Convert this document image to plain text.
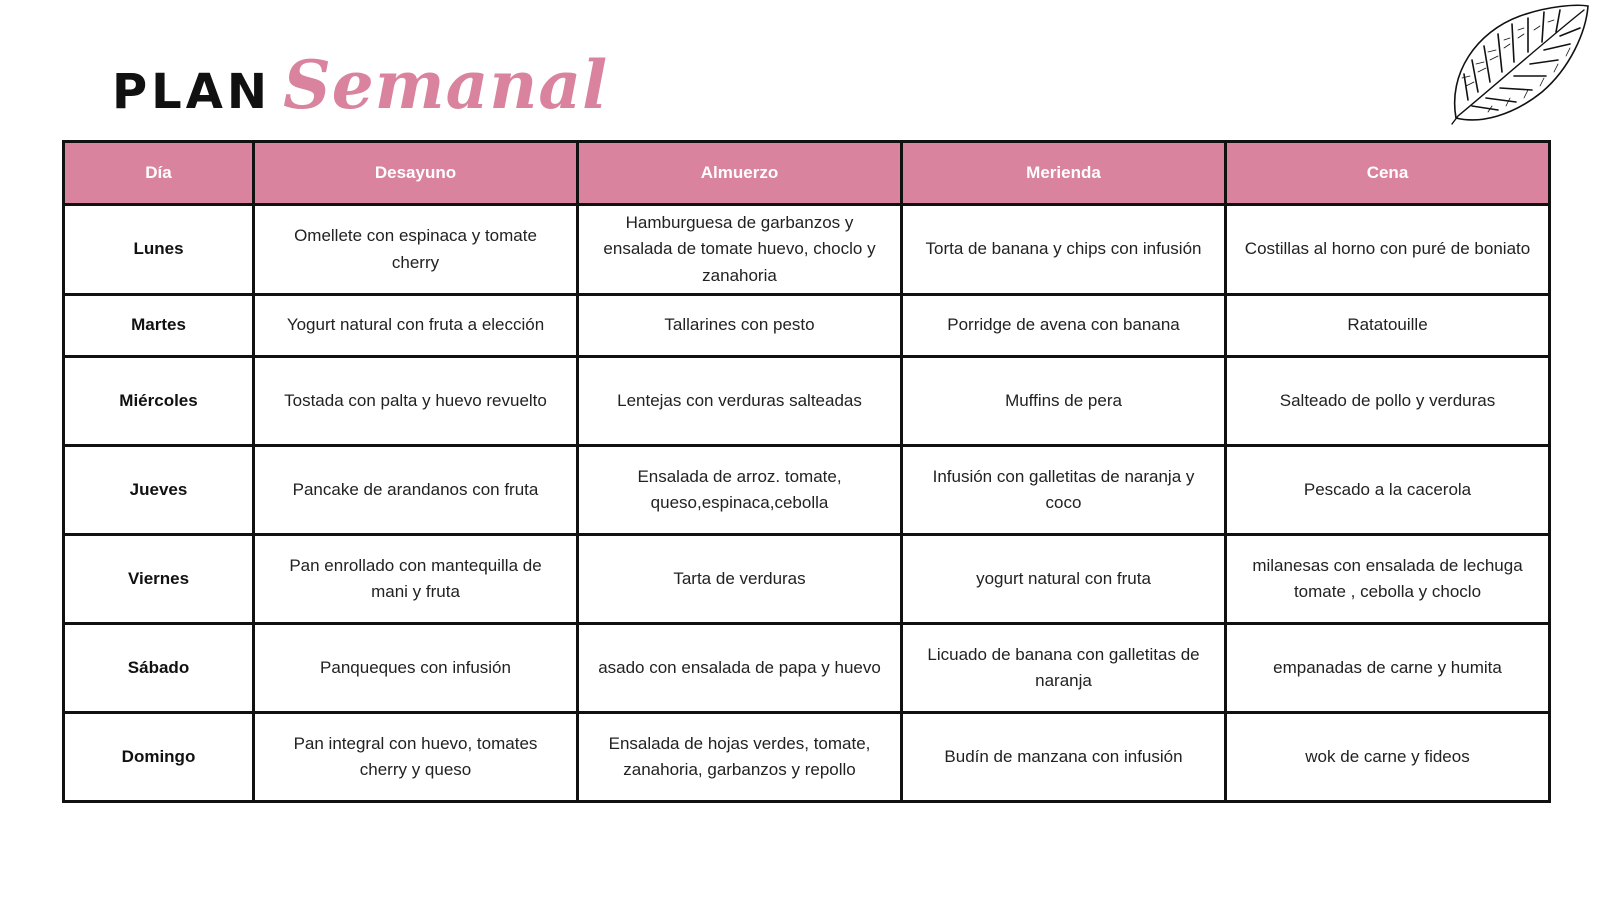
PLAN Semanal
Día	Desayuno	Almuerzo	Merienda	Cena
Lunes	Omellete con espinaca y tomate cherry	Hamburguesa de garbanzos y ensalada de tomate huevo, choclo y zanahoria	Torta de banana y chips con infusión	Costillas al horno con puré de boniato
Martes	Yogurt natural con fruta a elección	Tallarines con pesto	Porridge de avena con banana	Ratatouille
Miércoles	Tostada con palta y huevo revuelto	Lentejas con verduras salteadas	Muffins de pera	Salteado de pollo y verduras
Jueves	Pancake de arandanos con fruta	Ensalada de arroz. tomate, queso,espinaca,cebolla	Infusión con galletitas de naranja y coco	Pescado a la cacerola
Viernes	Pan enrollado con mantequilla de mani y fruta	Tarta de verduras	yogurt natural con fruta	milanesas con ensalada de lechuga tomate , cebolla y choclo
Sábado	Panqueques con infusión	asado con ensalada de papa y huevo	Licuado de banana con galletitas de naranja	empanadas de carne y humita
Domingo	Pan integral con huevo, tomates cherry y queso	Ensalada de hojas verdes, tomate, zanahoria, garbanzos y repollo	Budín de manzana con infusión	wok de carne y fideos
